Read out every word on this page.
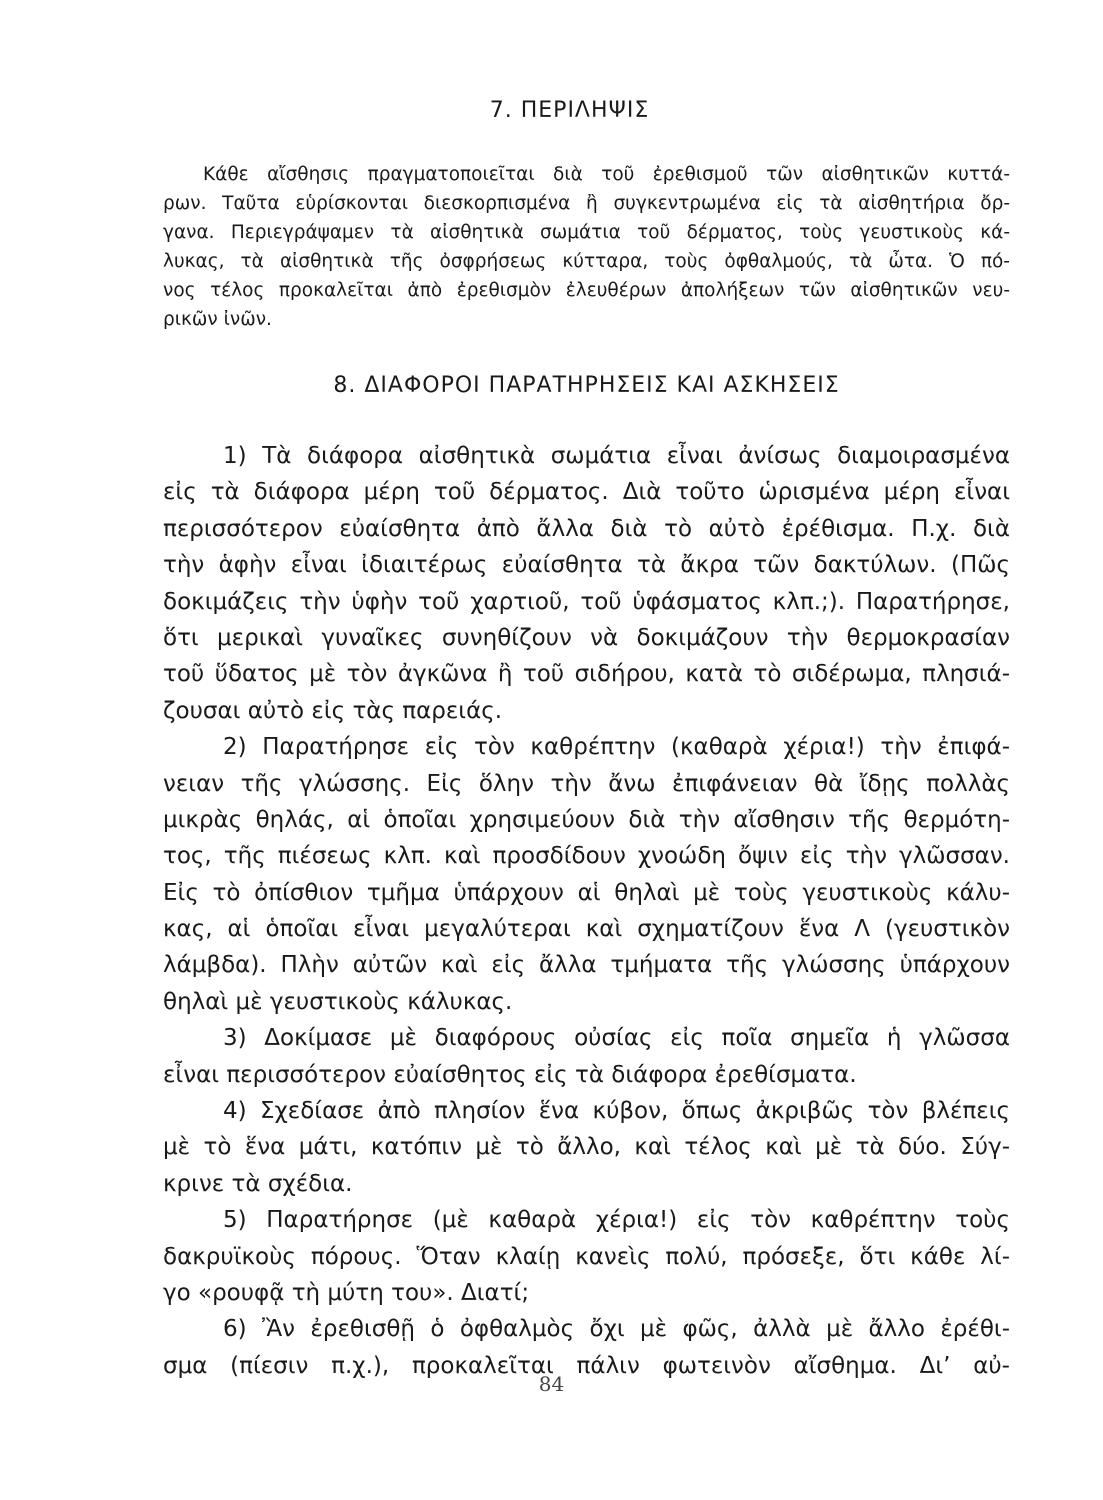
7. ΠΕΡΙΛΗΨΙΣ
Κάθε αἴσθησις πραγματοποιεῖται διὰ τοῦ ἐρεθισμοῦ τῶν αἰσθητικῶν κυττά-
ρων. Ταῦτα εὑρίσκονται διεσκορπισμένα ἢ συγκεντρωμένα εἰς τὰ αἰσθητήρια ὄρ-
γανα. Περιεγράψαμεν τὰ αἰσθητικὰ σωμάτια τοῦ δέρματος, τοὺς γευστικοὺς κά-
λυκας, τὰ αἰσθητικὰ τῆς ὀσφρήσεως κύτταρα, τοὺς ὀφθαλμούς, τὰ ὦτα. Ὁ πό-
νος τέλος προκαλεῖται ἀπὸ ἐρεθισμὸν ἐλευθέρων ἀπολήξεων τῶν αἰσθητικῶν νευ-
ρικῶν ἰνῶν.
8. ΔΙΑΦΟΡΟΙ ΠΑΡΑΤΗΡΗΣΕΙΣ ΚΑΙ ΑΣΚΗΣΕΙΣ
1) Τὰ διάφορα αἰσθητικὰ σωμάτια εἶναι ἀνίσως διαμοιρασμένα
εἰς τὰ διάφορα μέρη τοῦ δέρματος. Διὰ τοῦτο ὡρισμένα μέρη εἶναι
περισσότερον εὐαίσθητα ἀπὸ ἄλλα διὰ τὸ αὐτὸ ἐρέθισμα. Π.χ. διὰ
τὴν ἁφὴν εἶναι ἰδιαιτέρως εὐαίσθητα τὰ ἄκρα τῶν δακτύλων. (Πῶς
δοκιμάζεις τὴν ὑφὴν τοῦ χαρτιοῦ, τοῦ ὑφάσματος κλπ.;). Παρατήρησε,
ὅτι μερικαὶ γυναῖκες συνηθίζουν νὰ δοκιμάζουν τὴν θερμοκρασίαν
τοῦ ὕδατος μὲ τὸν ἀγκῶνα ἢ τοῦ σιδήρου, κατὰ τὸ σιδέρωμα, πλησιά-
ζουσαι αὐτὸ εἰς τὰς παρειάς.
2) Παρατήρησε εἰς τὸν καθρέπτην (καθαρὰ χέρια!) τὴν ἐπιφά-
νειαν τῆς γλώσσης. Εἰς ὅλην τὴν ἄνω ἐπιφάνειαν θὰ ἴδῃς πολλὰς
μικρὰς θηλάς, αἱ ὁποῖαι χρησιμεύουν διὰ τὴν αἴσθησιν τῆς θερμότη-
τος, τῆς πιέσεως κλπ. καὶ προσδίδουν χνοώδη ὄψιν εἰς τὴν γλῶσσαν.
Εἰς τὸ ὀπίσθιον τμῆμα ὑπάρχουν αἱ θηλαὶ μὲ τοὺς γευστικοὺς κάλυ-
κας, αἱ ὁποῖαι εἶναι μεγαλύτεραι καὶ σχηματίζουν ἕνα Λ (γευστικὸν
λάμβδα). Πλὴν αὐτῶν καὶ εἰς ἄλλα τμήματα τῆς γλώσσης ὑπάρχουν
θηλαὶ μὲ γευστικοὺς κάλυκας.
3) Δοκίμασε μὲ διαφόρους οὐσίας εἰς ποῖα σημεῖα ἡ γλῶσσα
εἶναι περισσότερον εὐαίσθητος εἰς τὰ διάφορα ἐρεθίσματα.
4) Σχεδίασε ἀπὸ πλησίον ἕνα κύβον, ὅπως ἀκριβῶς τὸν βλέπεις
μὲ τὸ ἕνα μάτι, κατόπιν μὲ τὸ ἄλλο, καὶ τέλος καὶ μὲ τὰ δύο. Σύγ-
κρινε τὰ σχέδια.
5) Παρατήρησε (μὲ καθαρὰ χέρια!) εἰς τὸν καθρέπτην τοὺς
δακρυϊκοὺς πόρους. Ὅταν κλαίῃ κανεὶς πολύ, πρόσεξε, ὅτι κάθε λί-
γο «ρουφᾷ τὴ μύτη του». Διατί;
6) Ἂν ἐρεθισθῇ ὁ ὀφθαλμὸς ὄχι μὲ φῶς, ἀλλὰ μὲ ἄλλο ἐρέθι-
σμα (πίεσιν π.χ.), προκαλεῖται πάλιν φωτεινὸν αἴσθημα. Δι’ αὐ-
84
